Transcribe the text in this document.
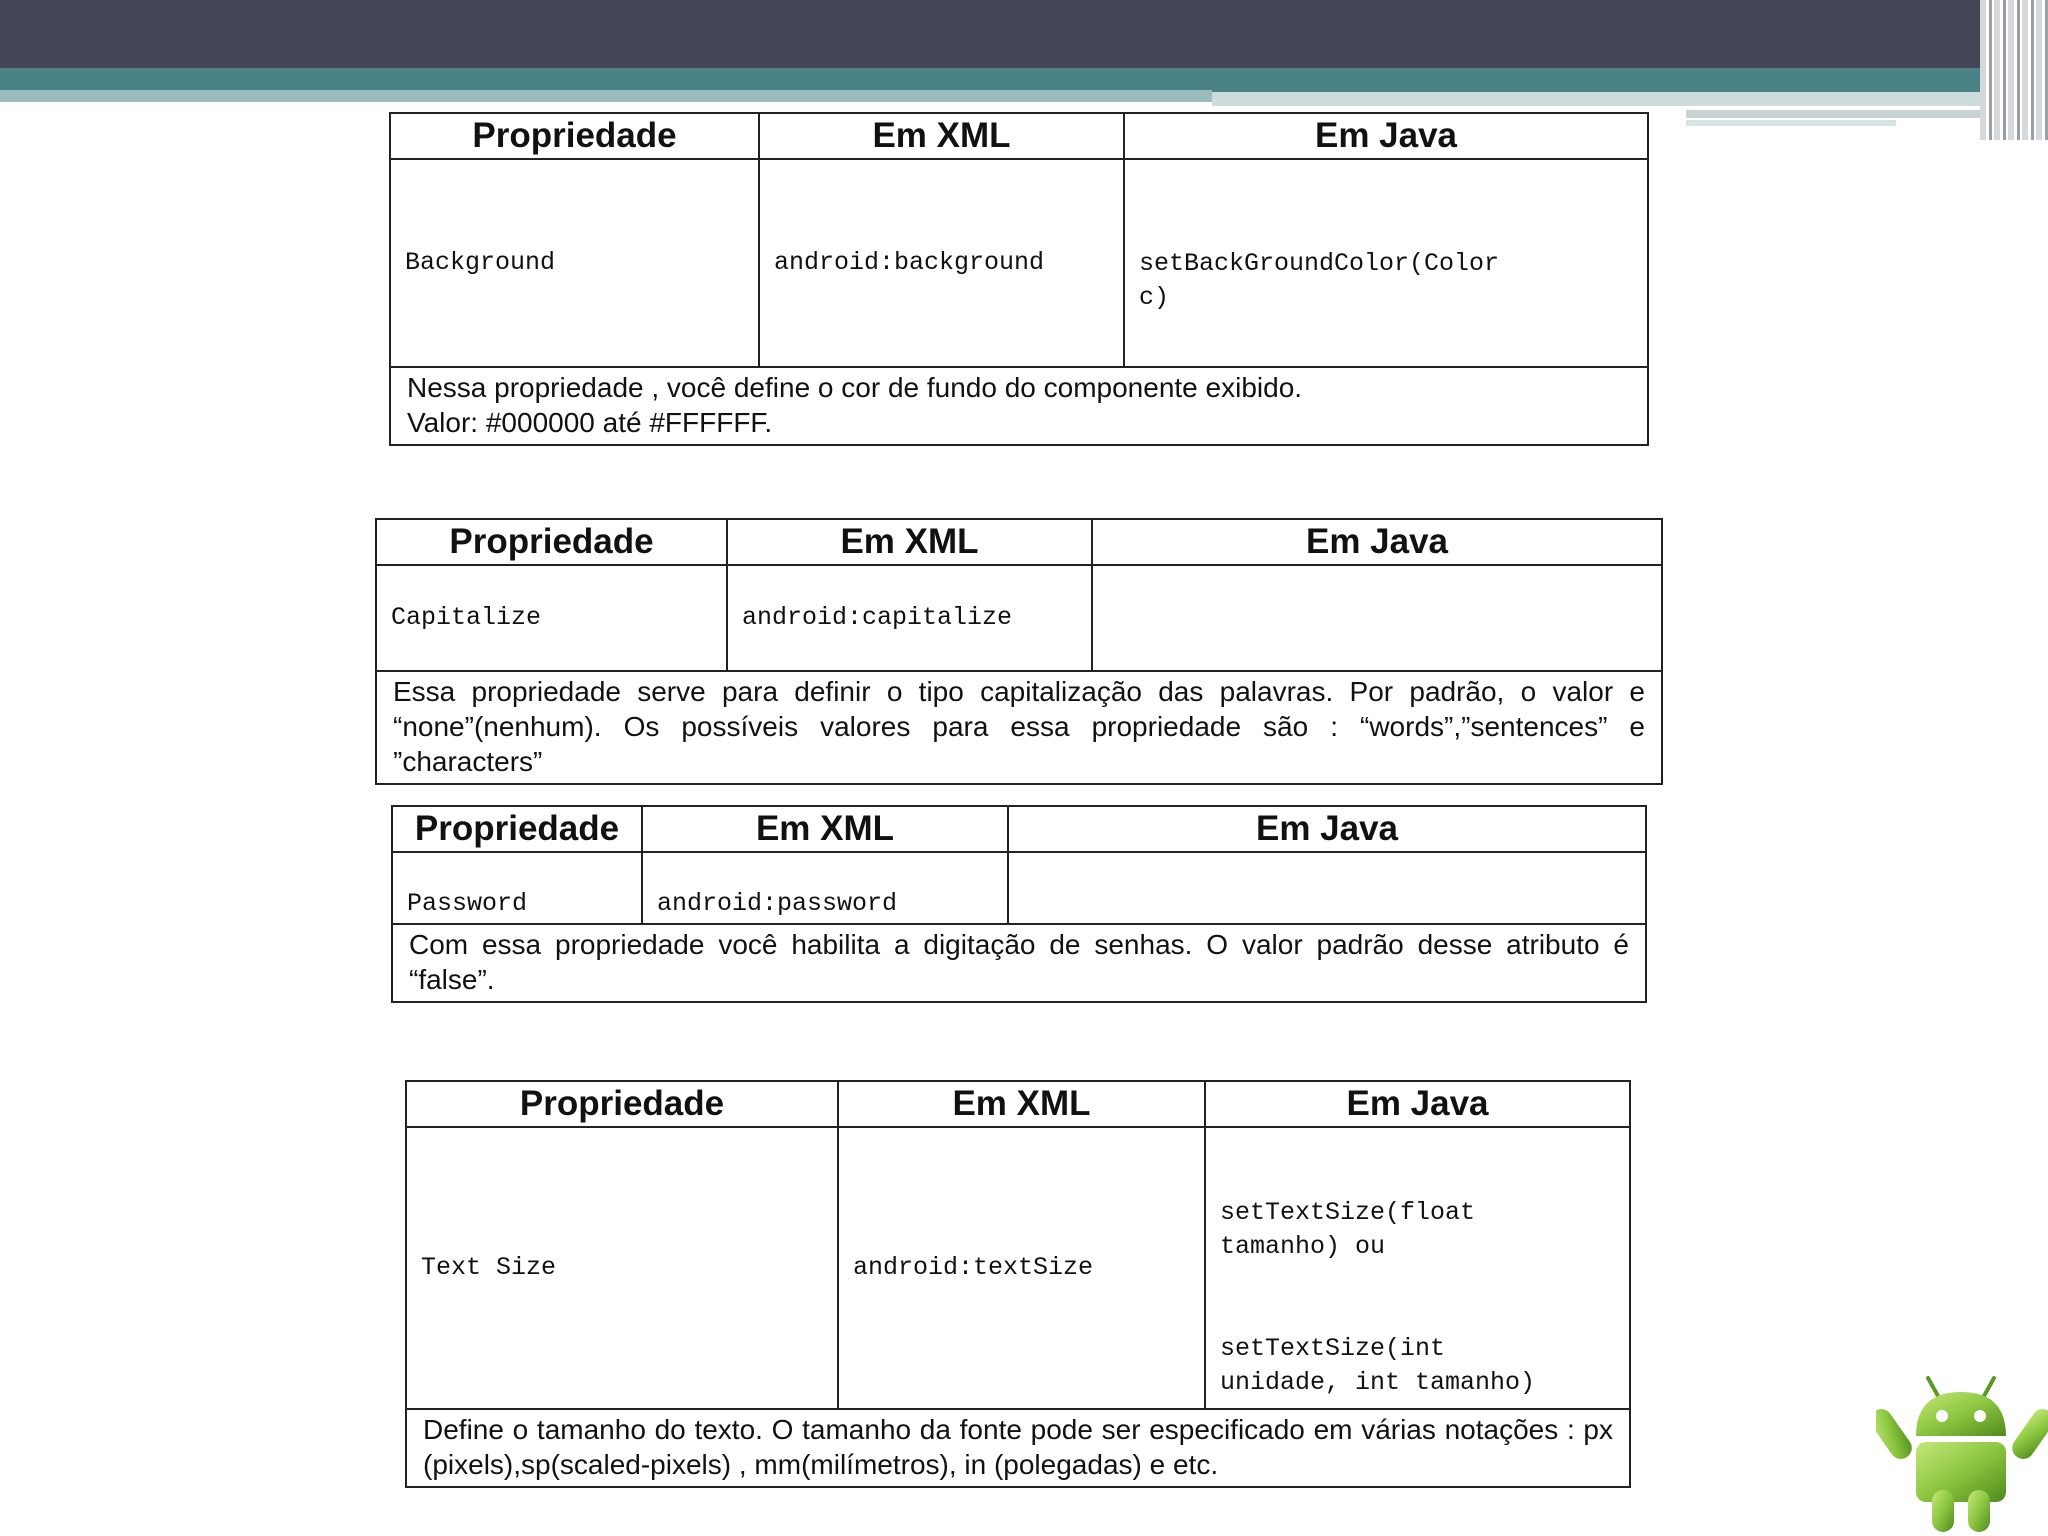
Propriedade	Em XML	Em Java
Background	android:background	setBackGroundColor(Color
c)
Nessa propriedade , você define o cor de fundo do componente exibido.
Valor: #000000 até #FFFFFF.		
Propriedade	Em XML	Em Java
Capitalize	android:capitalize	
Essa propriedade serve para definir o tipo capitalização das palavras. Por padrão, o valor e “none”(nenhum). Os possíveis valores para essa propriedade são : “words”,”sentences” e ”characters”		
Propriedade	Em XML	Em Java
Password	android:password	
Com essa propriedade você habilita a digitação de senhas. O valor padrão desse atributo é “false”.		
Propriedade	Em XML	Em Java
Text Size	android:textSize	setTextSize(float
tamanho) ou

setTextSize(int
unidade, int tamanho)
Define o tamanho do texto. O tamanho da fonte pode ser especificado em várias notações : px (pixels),sp(scaled-pixels) , mm(milímetros), in (polegadas) e etc.		
